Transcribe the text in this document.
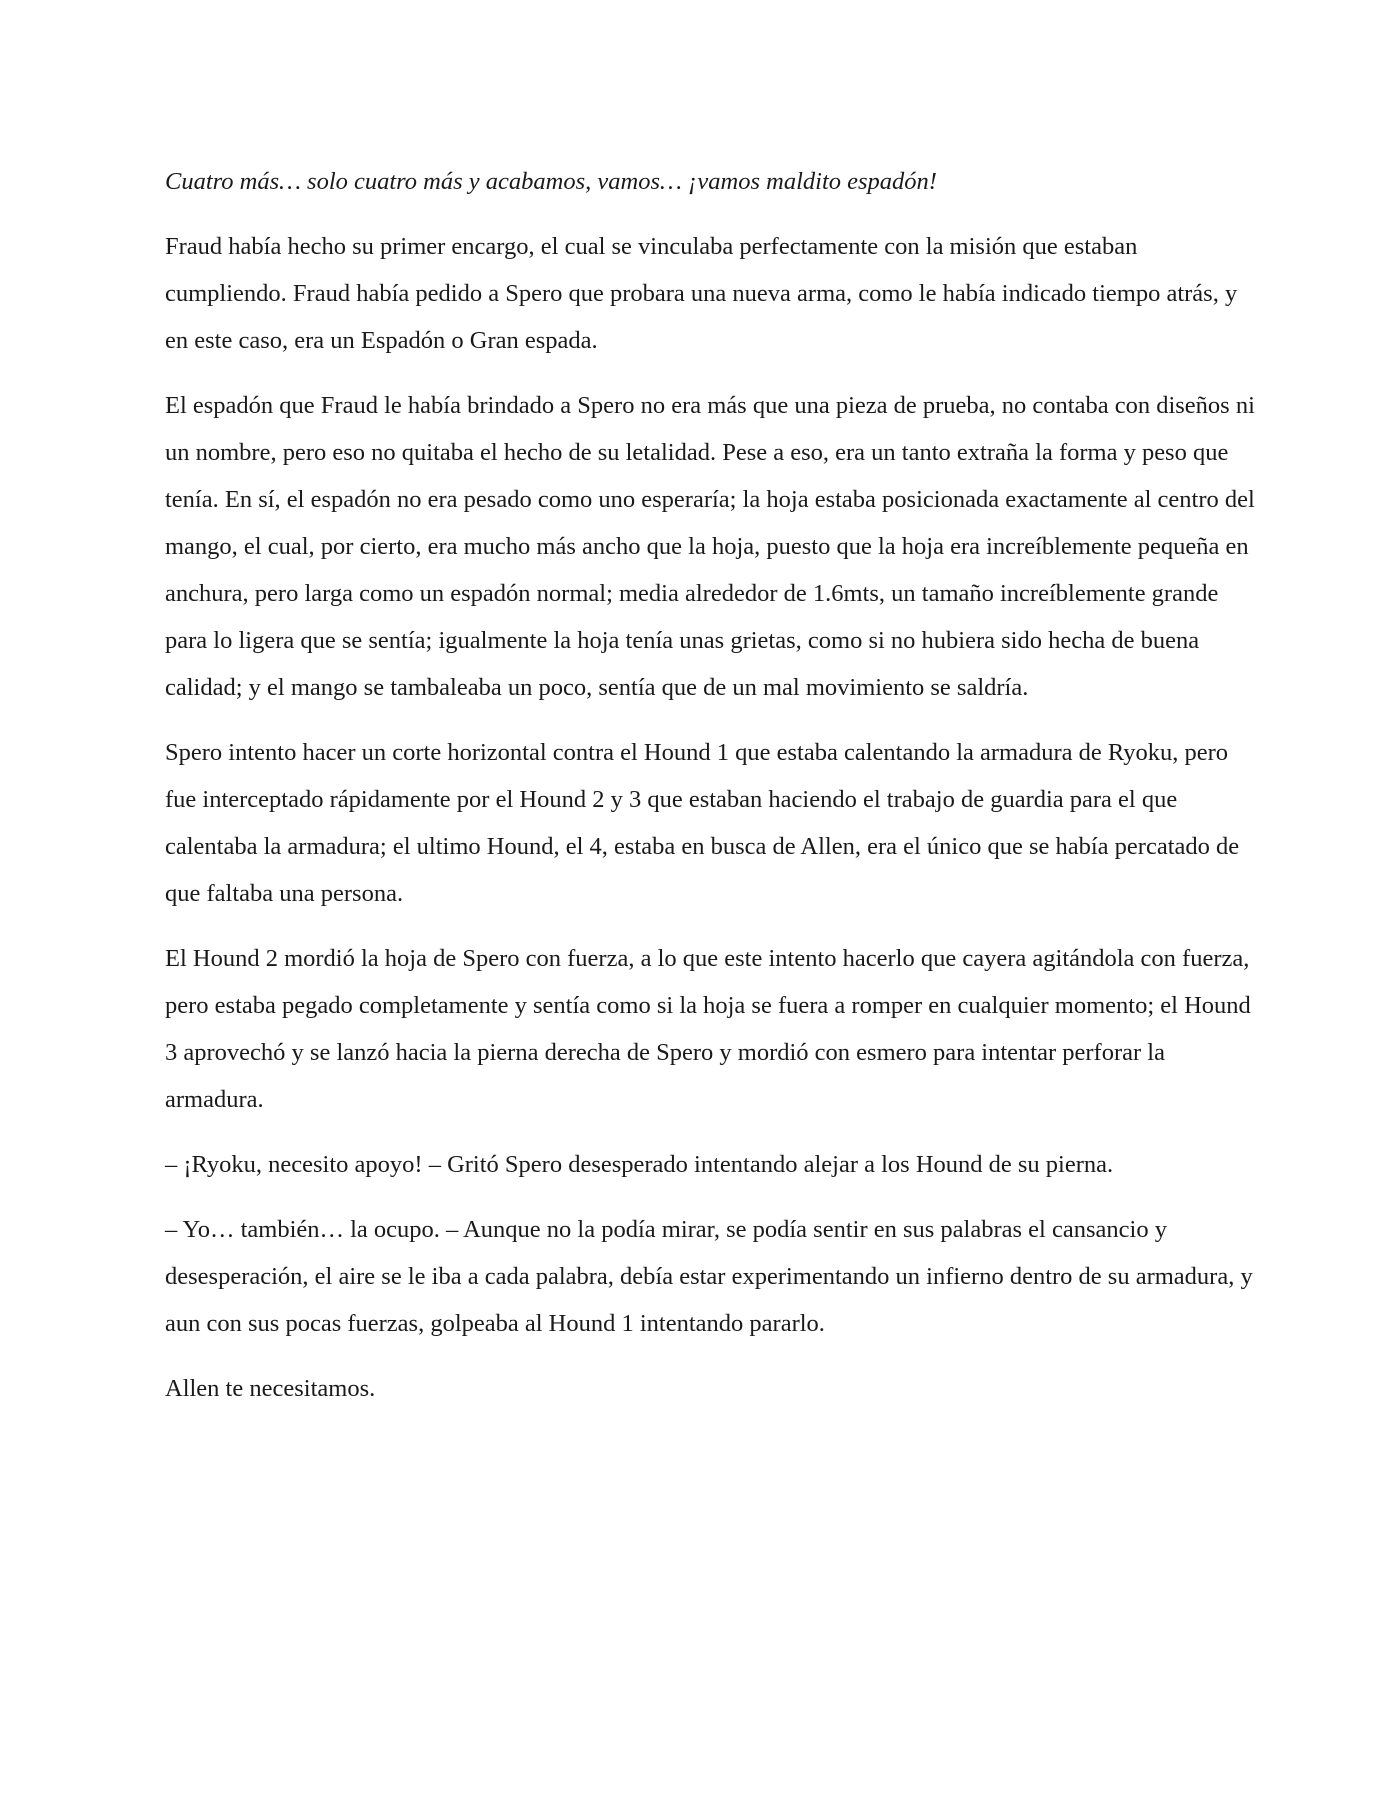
Cuatro más… solo cuatro más y acabamos, vamos… ¡vamos maldito espadón!

Fraud había hecho su primer encargo, el cual se vinculaba perfectamente con la misión que estaban cumpliendo. Fraud había pedido a Spero que probara una nueva arma, como le había indicado tiempo atrás, y en este caso, era un Espadón o Gran espada.

El espadón que Fraud le había brindado a Spero no era más que una pieza de prueba, no contaba con diseños ni un nombre, pero eso no quitaba el hecho de su letalidad. Pese a eso, era un tanto extraña la forma y peso que tenía. En sí, el espadón no era pesado como uno esperaría; la hoja estaba posicionada exactamente al centro del mango, el cual, por cierto, era mucho más ancho que la hoja, puesto que la hoja era increíblemente pequeña en anchura, pero larga como un espadón normal; media alrededor de 1.6mts, un tamaño increíblemente grande para lo ligera que se sentía; igualmente la hoja tenía unas grietas, como si no hubiera sido hecha de buena calidad; y el mango se tambaleaba un poco, sentía que de un mal movimiento se saldría.

Spero intento hacer un corte horizontal contra el Hound 1 que estaba calentando la armadura de Ryoku, pero fue interceptado rápidamente por el Hound 2 y 3 que estaban haciendo el trabajo de guardia para el que calentaba la armadura; el ultimo Hound, el 4, estaba en busca de Allen, era el único que se había percatado de que faltaba una persona.

El Hound 2 mordió la hoja de Spero con fuerza, a lo que este intento hacerlo que cayera agitándola con fuerza, pero estaba pegado completamente y sentía como si la hoja se fuera a romper en cualquier momento; el Hound 3 aprovechó y se lanzó hacia la pierna derecha de Spero y mordió con esmero para intentar perforar la armadura.

– ¡Ryoku, necesito apoyo! – Gritó Spero desesperado intentando alejar a los Hound de su pierna.

– Yo… también… la ocupo. – Aunque no la podía mirar, se podía sentir en sus palabras el cansancio y desesperación, el aire se le iba a cada palabra, debía estar experimentando un infierno dentro de su armadura, y aun con sus pocas fuerzas, golpeaba al Hound 1 intentando pararlo.

Allen te necesitamos.
